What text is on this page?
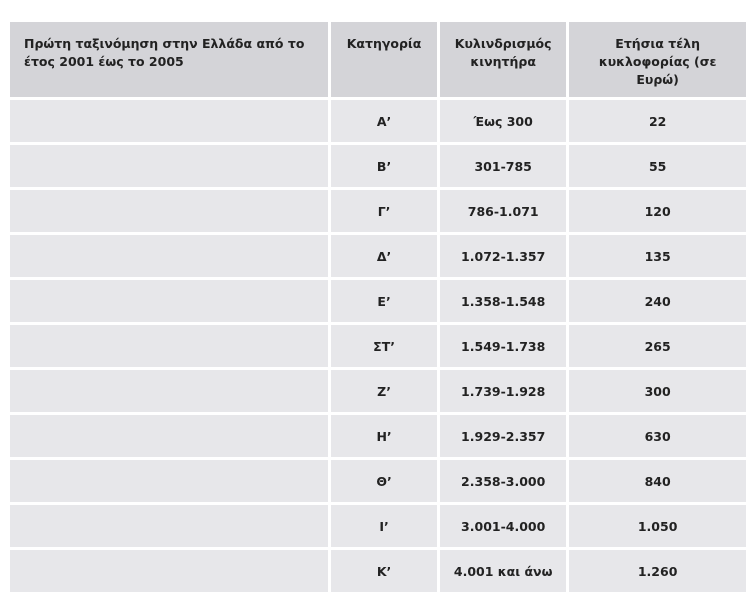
Πρώτη ταξινόμηση στην Ελλάδα από το έτος 2001 έως το 2005	Κατηγορία	Κυλινδρισμός κινητήρα	Ετήσια τέλη κυκλοφορίας (σε Ευρώ)
	Α’	Έως 300	22
	Β’	301-785	55
	Γ’	786-1.071	120
	Δ’	1.072-1.357	135
	Ε’	1.358-1.548	240
	ΣΤ’	1.549-1.738	265
	Ζ’	1.739-1.928	300
	Η’	1.929-2.357	630
	Θ’	2.358-3.000	840
	Ι’	3.001-4.000	1.050
	Κ’	4.001 και άνω	1.260
